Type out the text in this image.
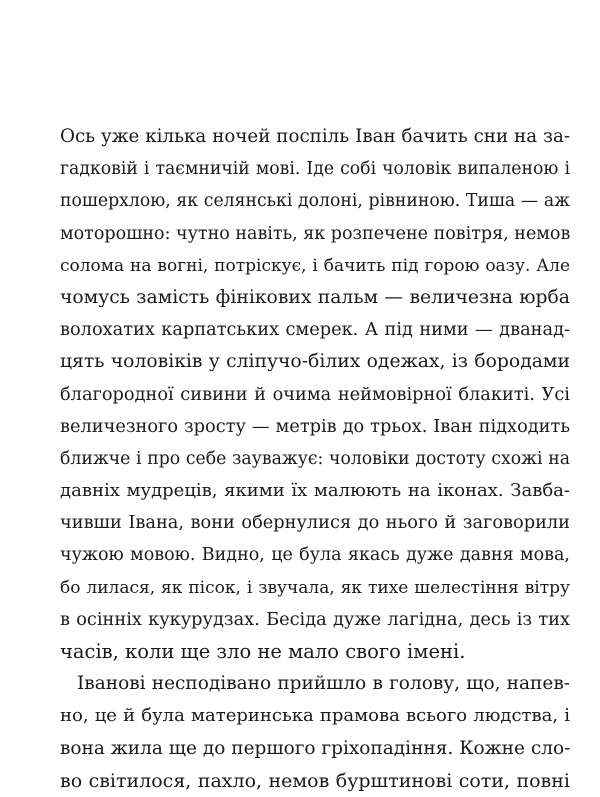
Ось уже кілька ночей поспіль Іван бачить сни на за-
гадковій і таємничій мові. Іде собі чоловік випаленою і
пошерхлою, як селянські долоні, рівниною. Тиша — аж
моторошно: чутно навіть, як розпечене повітря, немов
солома на вогні, потріскує, і бачить під горою оазу. Але
чомусь замість фінікових пальм — величезна юрба
волохатих карпатських смерек. А під ними — дванад-
цять чоловіків у сліпучо-білих одежах, із бородами
благородної сивини й очима неймовірної блакиті. Усі
величезного зросту — метрів до трьох. Іван підходить
ближче і про себе зауважує: чоловіки достоту схожі на
давніх мудреців, якими їх малюють на іконах. Завба-
чивши Івана, вони обернулися до нього й заговорили
чужою мовою. Видно, це була якась дуже давня мова,
бо лилася, як пісок, і звучала, як тихе шелестіння вітру
в осінніх кукурудзах. Бесіда дуже лагідна, десь із тих
часів, коли ще зло не мало свого імені.
Іванові несподівано прийшло в голову, що, напев-
но, це й була материнська прамова всього людства, і
вона жила ще до першого гріхопадіння. Кожне сло-
во світилося, пахло, немов бурштинові соти, повні
